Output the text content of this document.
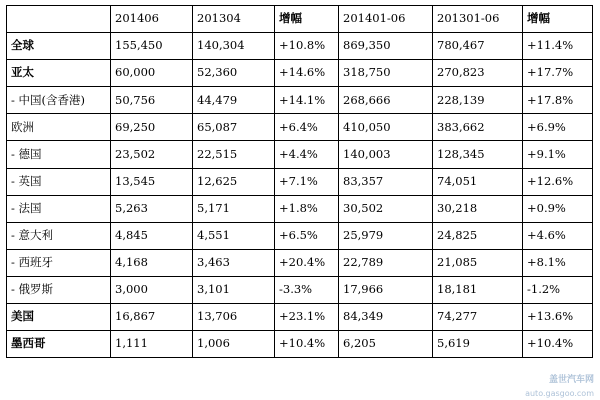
	201406	201304	增幅	201401-06	201301-06	增幅
全球	155,450	140,304	+10.8%	869,350	780,467	+11.4%
亚太	60,000	52,360	+14.6%	318,750	270,823	+17.7%
- 中国(含香港)	50,756	44,479	+14.1%	268,666	228,139	+17.8%
欧洲	69,250	65,087	+6.4%	410,050	383,662	+6.9%
- 德国	23,502	22,515	+4.4%	140,003	128,345	+9.1%
- 英国	13,545	12,625	+7.1%	83,357	74,051	+12.6%
- 法国	5,263	5,171	+1.8%	30,502	30,218	+0.9%
- 意大利	4,845	4,551	+6.5%	25,979	24,825	+4.6%
- 西班牙	4,168	3,463	+20.4%	22,789	21,085	+8.1%
- 俄罗斯	3,000	3,101	-3.3%	17,966	18,181	-1.2%
美国	16,867	13,706	+23.1%	84,349	74,277	+13.6%
墨西哥	1,111	1,006	+10.4%	6,205	5,619	+10.4%
盖世汽车网
auto.gasgoo.com
